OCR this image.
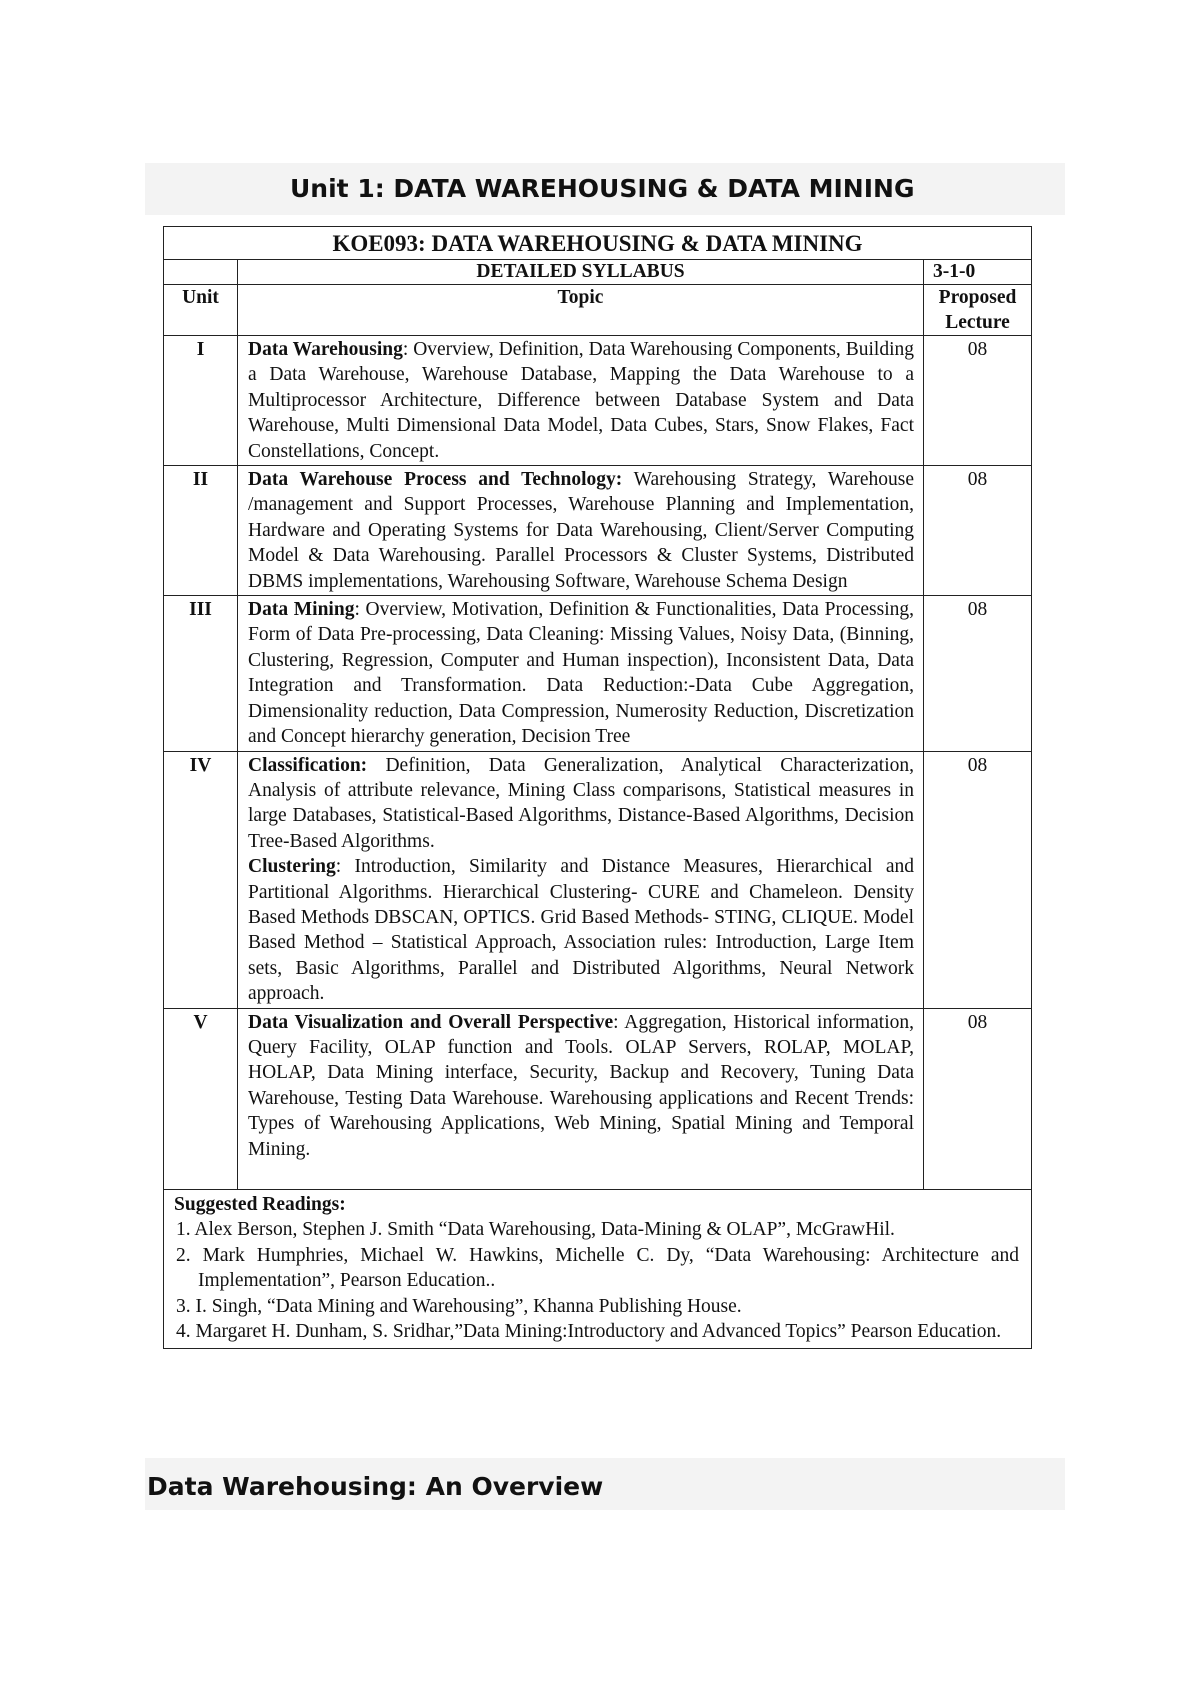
Unit 1: DATA WAREHOUSING & DATA MINING
KOE093: DATA WAREHOUSING & DATA MINING		
	DETAILED SYLLABUS	3-1-0
Unit	Topic	Proposed Lecture
I	Data Warehousing: Overview, Definition, Data Warehousing Components, Building a Data Warehouse, Warehouse Database, Mapping the Data Warehouse to a Multiprocessor Architecture, Difference between Database System and Data Warehouse, Multi Dimensional Data Model, Data Cubes, Stars, Snow Flakes, Fact Constellations, Concept.	08
II	Data Warehouse Process and Technology: Warehousing Strategy, Warehouse /management and Support Processes, Warehouse Planning and Implementation, Hardware and Operating Systems for Data Warehousing, Client/Server Computing Model & Data Warehousing. Parallel Processors & Cluster Systems, Distributed DBMS implementations, Warehousing Software, Warehouse Schema Design	08
III	Data Mining: Overview, Motivation, Definition & Functionalities, Data Processing, Form of Data Pre-processing, Data Cleaning: Missing Values, Noisy Data, (Binning, Clustering, Regression, Computer and Human inspection), Inconsistent Data, Data Integration and Transformation. Data Reduction:-Data Cube Aggregation, Dimensionality reduction, Data Compression, Numerosity Reduction, Discretization and Concept hierarchy generation, Decision Tree	08
IV	Classification: Definition, Data Generalization, Analytical Characterization, Analysis of attribute relevance, Mining Class comparisons, Statistical measures in large Databases, Statistical-Based Algorithms, Distance-Based Algorithms, Decision Tree-Based Algorithms.
Clustering: Introduction, Similarity and Distance Measures, Hierarchical and Partitional Algorithms. Hierarchical Clustering- CURE and Chameleon. Density Based Methods DBSCAN, OPTICS. Grid Based Methods- STING, CLIQUE. Model Based Method – Statistical Approach, Association rules: Introduction, Large Item sets, Basic Algorithms, Parallel and Distributed Algorithms, Neural Network approach.	08
V	Data Visualization and Overall Perspective: Aggregation, Historical information, Query Facility, OLAP function and Tools. OLAP Servers, ROLAP, MOLAP, HOLAP, Data Mining interface, Security, Backup and Recovery, Tuning Data Warehouse, Testing Data Warehouse. Warehousing applications and Recent Trends: Types of Warehousing Applications, Web Mining, Spatial Mining and Temporal Mining.	08

Suggested Readings:
1. Alex Berson, Stephen J. Smith “Data Warehousing, Data-Mining & OLAP”, McGrawHil.
2. Mark Humphries, Michael W. Hawkins, Michelle C. Dy, “Data Warehousing: Architecture and Implementation”, Pearson Education..
3. I. Singh, “Data Mining and Warehousing”, Khanna Publishing House.
4. Margaret H. Dunham, S. Sridhar,”Data Mining:Introductory and Advanced Topics” Pearson Education.		
Data Warehousing: An Overview
